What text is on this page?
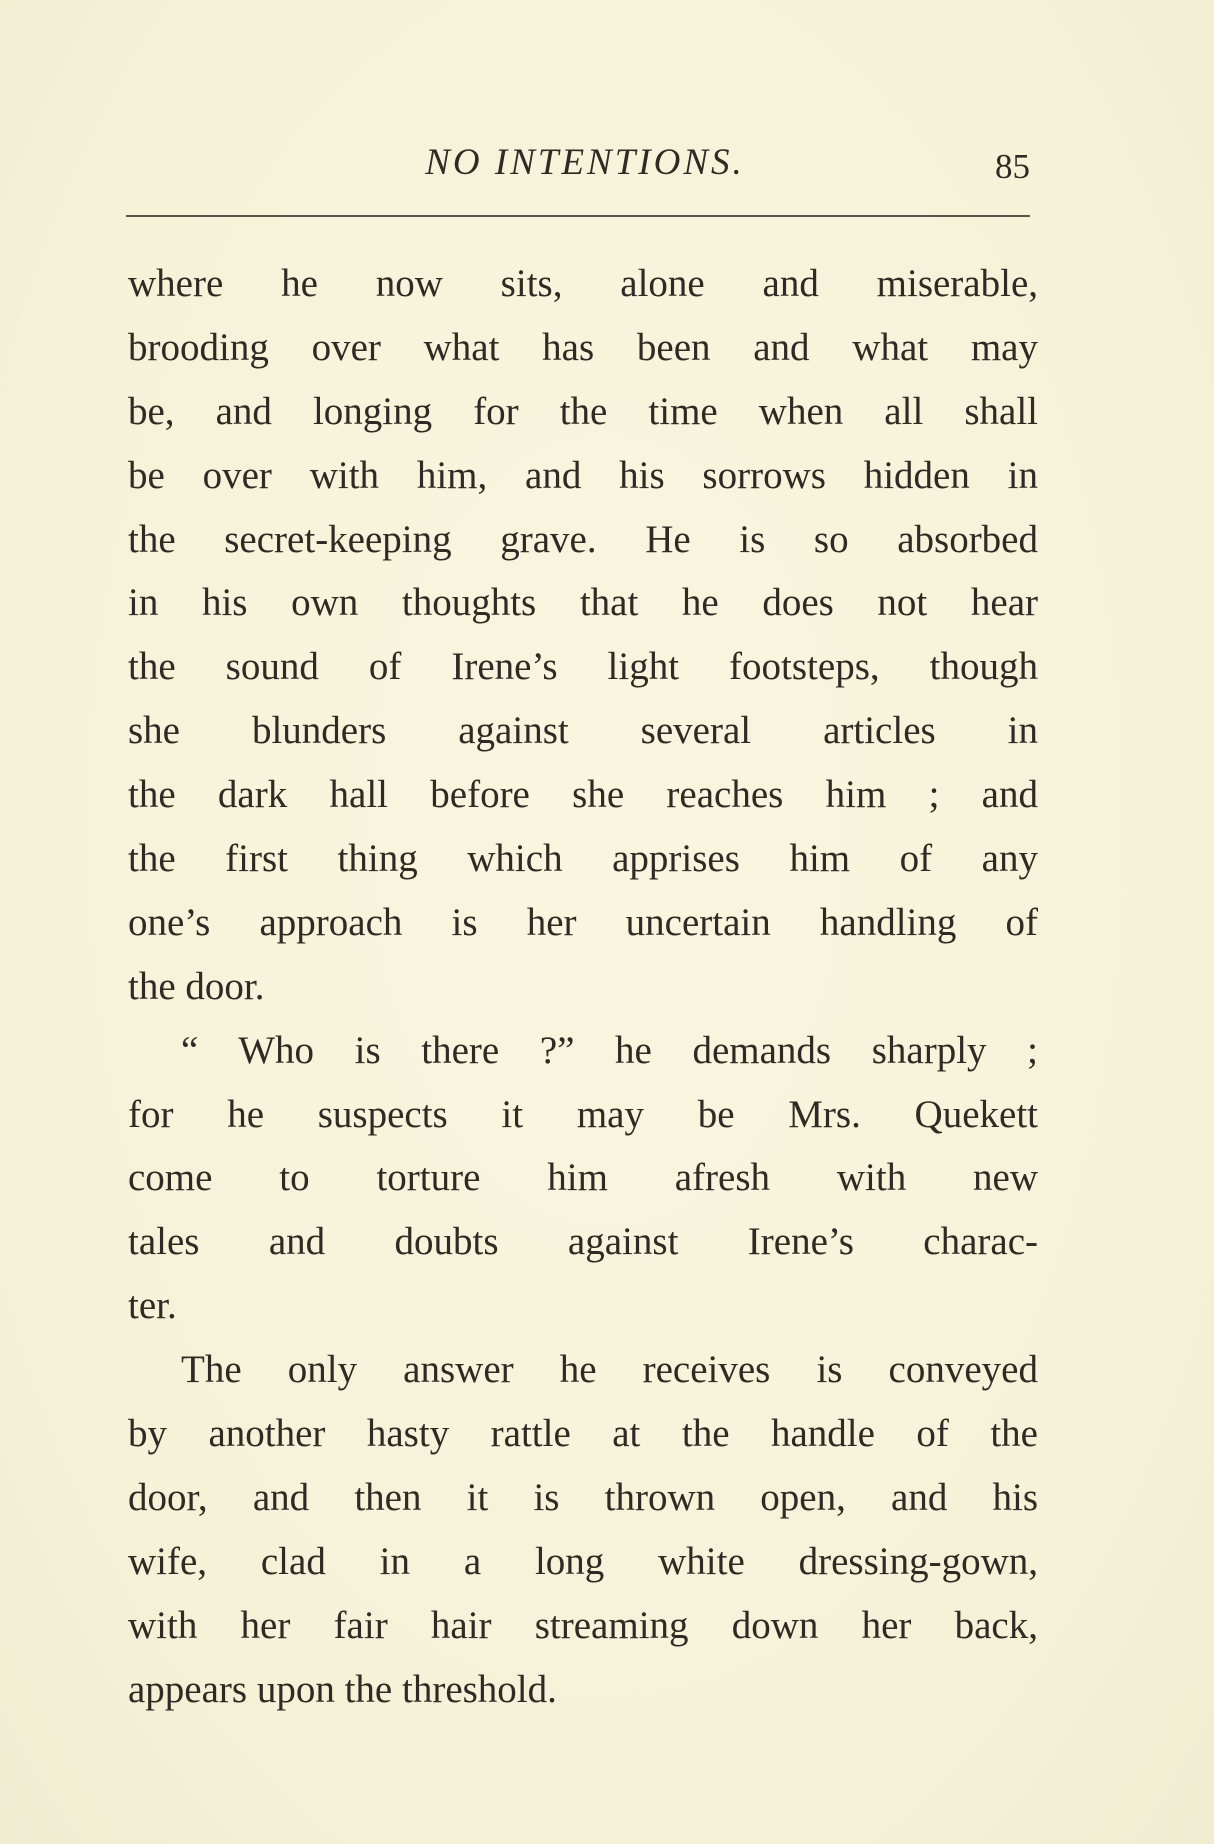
NO INTENTIONS.	85
where he now sits, alone and miserable,
brooding over what has been and what may
be, and longing for the time when all shall
be over with him, and his sorrows hidden in
the secret-keeping grave. He is so absorbed
in his own thoughts that he does not hear
the sound of Irene’s light footsteps, though
she blunders against several articles in
the dark hall before she reaches him ; and
the first thing which apprises him of any
one’s approach is her uncertain handling of
the door.
“ Who is there ?” he demands sharply ;
for he suspects it may be Mrs. Quekett
come to torture him afresh with new
tales and doubts against Irene’s charac-
ter.
The only answer he receives is conveyed
by another hasty rattle at the handle of the
door, and then it is thrown open, and his
wife, clad in a long white dressing-gown,
with her fair hair streaming down her back,
appears upon the threshold.
